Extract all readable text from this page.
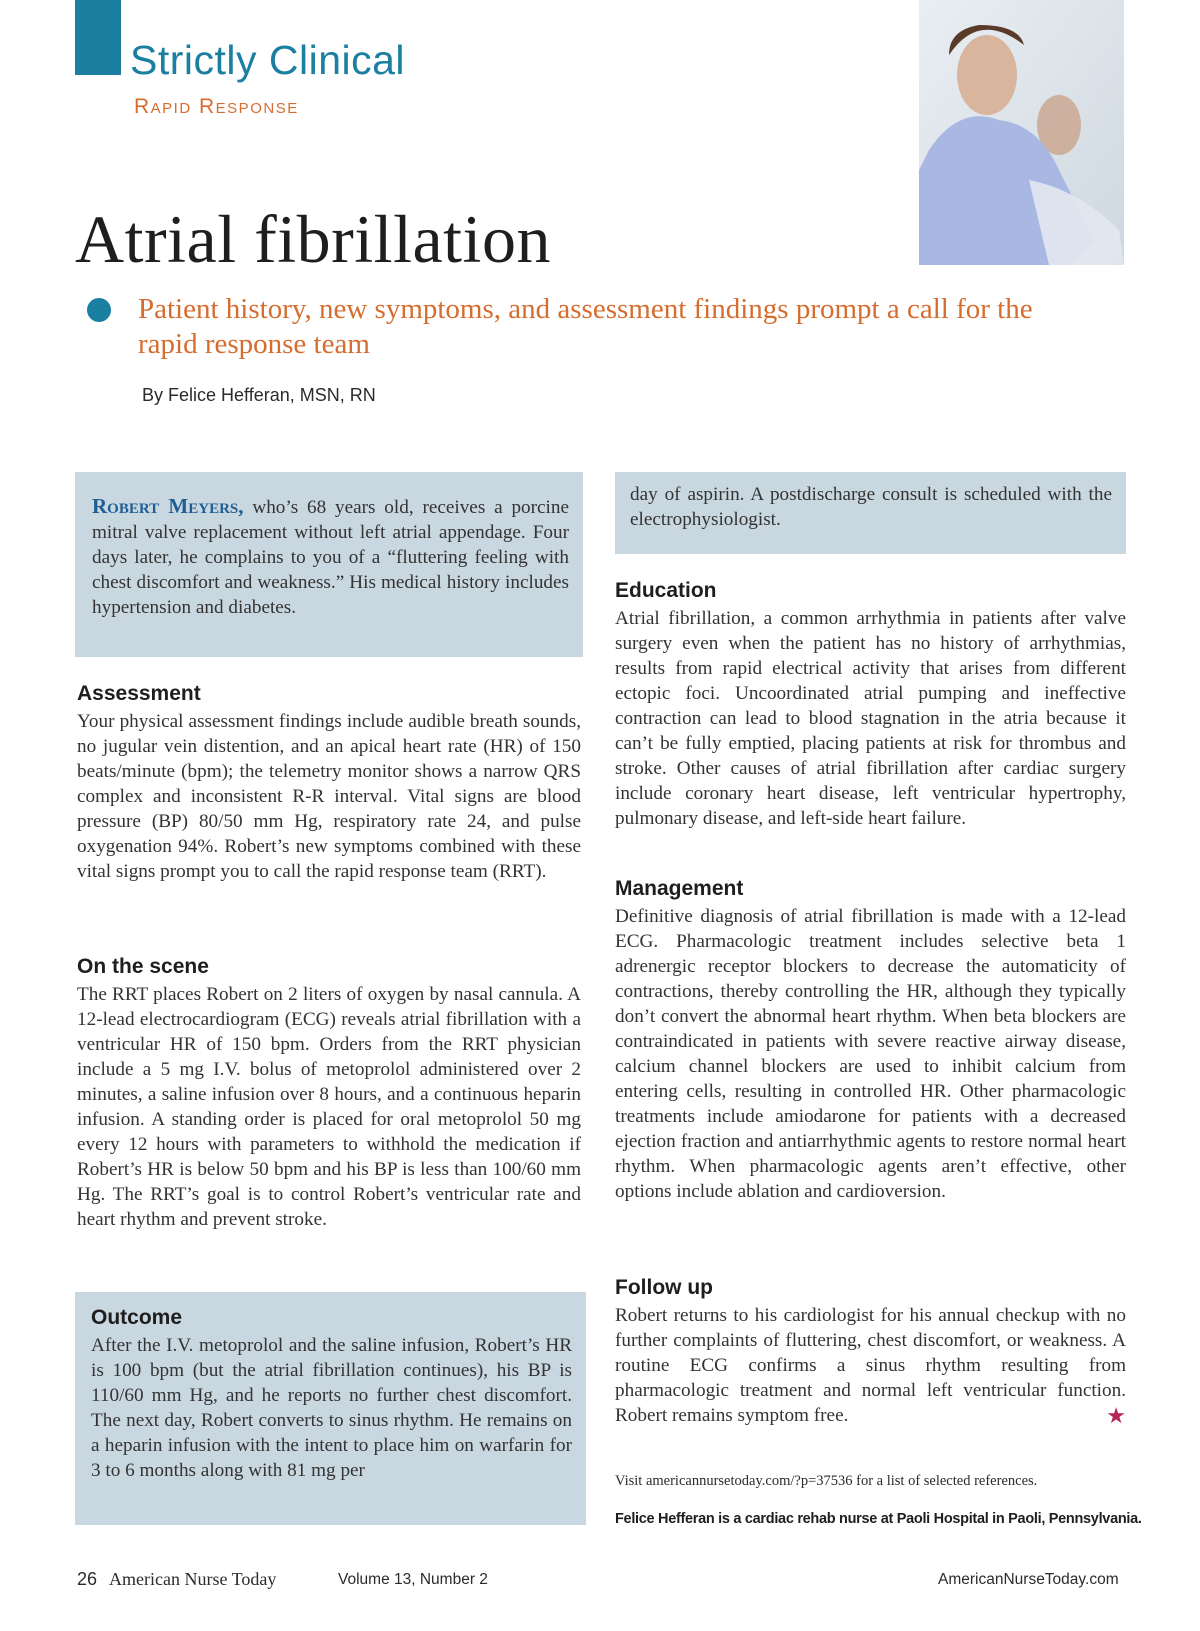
Strictly Clinical
Rapid Response
Atrial fibrillation
Patient history, new symptoms, and assessment findings prompt a call for the rapid response team
By Felice Hefferan, MSN, RN
Robert Meyers, who’s 68 years old, receives a porcine mitral valve replacement without left atrial appendage. Four days later, he complains to you of a “fluttering feeling with chest discomfort and weakness.” His medical history includes hypertension and diabetes.
Assessment

Your physical assessment findings include audible breath sounds, no jugular vein distention, and an apical heart rate (HR) of 150 beats/minute (bpm); the telemetry monitor shows a narrow QRS complex and inconsistent R-R interval. Vital signs are blood pressure (BP) 80/50 mm Hg, respiratory rate 24, and pulse oxygenation 94%. Robert’s new symptoms combined with these vital signs prompt you to call the rapid response team (RRT).

On the scene

The RRT places Robert on 2 liters of oxygen by nasal cannula. A 12-lead electrocardiogram (ECG) reveals atrial fibrillation with a ventricular HR of 150 bpm. Orders from the RRT physician include a 5 mg I.V. bolus of metoprolol administered over 2 minutes, a saline infusion over 8 hours, and a continuous heparin infusion. A standing order is placed for oral metoprolol 50 mg every 12 hours with parameters to withhold the medication if Robert’s HR is below 50 bpm and his BP is less than 100/60 mm Hg. The RRT’s goal is to control Robert’s ventricular rate and heart rhythm and prevent stroke.

Outcome

After the I.V. metoprolol and the saline infusion, Robert’s HR is 100 bpm (but the atrial fibrillation continues), his BP is 110/60 mm Hg, and he reports no further chest discomfort. The next day, Robert converts to sinus rhythm. He remains on a heparin infusion with the intent to place him on warfarin for 3 to 6 months along with 81 mg per

day of aspirin. A postdischarge consult is scheduled with the electrophysiologist.
Education

Atrial fibrillation, a common arrhythmia in patients after valve surgery even when the patient has no history of arrhythmias, results from rapid electrical activity that arises from different ectopic foci. Uncoordinated atrial pumping and ineffective contraction can lead to blood stagnation in the atria because it can’t be fully emptied, placing patients at risk for thrombus and stroke. Other causes of atrial fibrillation after cardiac surgery include coronary heart disease, left ventricular hypertrophy, pulmonary disease, and left-side heart failure.

Management

Definitive diagnosis of atrial fibrillation is made with a 12-lead ECG. Pharmacologic treatment includes selective beta 1 adrenergic receptor blockers to decrease the automaticity of contractions, thereby controlling the HR, although they typically don’t convert the abnormal heart rhythm. When beta blockers are contraindicated in patients with severe reactive airway disease, calcium channel blockers are used to inhibit calcium from entering cells, resulting in controlled HR. Other pharmacologic treatments include amiodarone for patients with a decreased ejection fraction and antiarrhythmic agents to restore normal heart rhythm. When pharmacologic agents aren’t effective, other options include ablation and cardioversion.

Follow up

Robert returns to his cardiologist for his annual checkup with no further complaints of fluttering, chest discomfort, or weakness. A routine ECG confirms a sinus rhythm resulting from pharmacologic treatment and normal left ventricular function. Robert remains symptom free.	★

Visit americannursetoday.com/?p=37536 for a list of selected references.
Felice Hefferan is a cardiac rehab nurse at Paoli Hospital in Paoli, Pennsylvania.
26 American Nurse Today	Volume 13, Number 2	AmericanNurseToday.com
